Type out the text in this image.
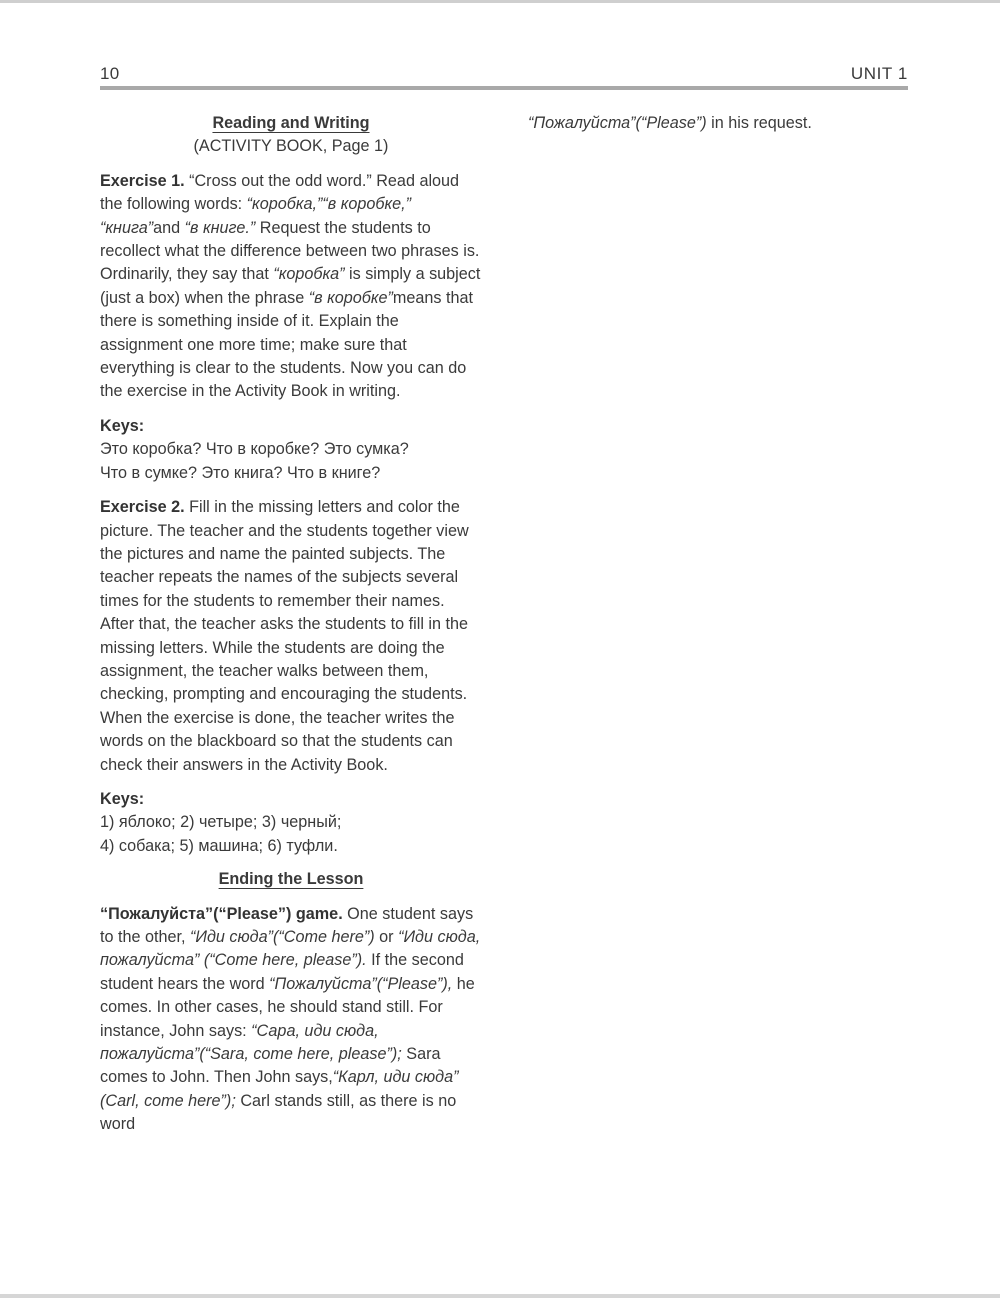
10	UNIT 1
Reading and Writing
(ACTIVITY BOOK, Page 1)

Exercise 1. “Cross out the odd word.” Read aloud the following words: “коробка,”“в коробке,” “книга”and “в книге.” Request the students to recollect what the difference between two phrases is. Ordinarily, they say that “коробка” is simply a subject (just a box) when the phrase “в коробке”means that there is something inside of it. Explain the assignment one more time; make sure that everything is clear to the students. Now you can do the exercise in the Activity Book in writing.

Keys:

Это коробка? Что в коробке? Это сумка?

Что в сумке? Это книга? Что в книге?

Exercise 2. Fill in the missing letters and color the picture. The teacher and the students together view the pictures and name the painted subjects. The teacher repeats the names of the subjects several times for the students to remember their names. After that, the teacher asks the students to fill in the missing letters. While the students are doing the assignment, the teacher walks between them, checking, prompting and encouraging the students. When the exercise is done, the teacher writes the words on the blackboard so that the students can check their answers in the Activity Book.

Keys:

1) яблоко; 2) четыре; 3) черный;

4) собака; 5) машина; 6) туфли.

Ending the Lesson

“Пожалуйста”(“Please”) game. One student says to the other, “Иди сюда”(“Come here”) or “Иди сюда, пожалуйста” (“Come here, please”). If the second student hears the word “Пожалуйста”(“Please”), he comes. In other cases, he should stand still. For instance, John says: “Сара, иди сюда, пожалуйста”(“Sara, come here, please”); Sara comes to John. Then John says,“Карл, иди сюда” (Carl, come here”); Carl stands still, as there is no word

“Пожалуйста”(“Please”) in his request.
